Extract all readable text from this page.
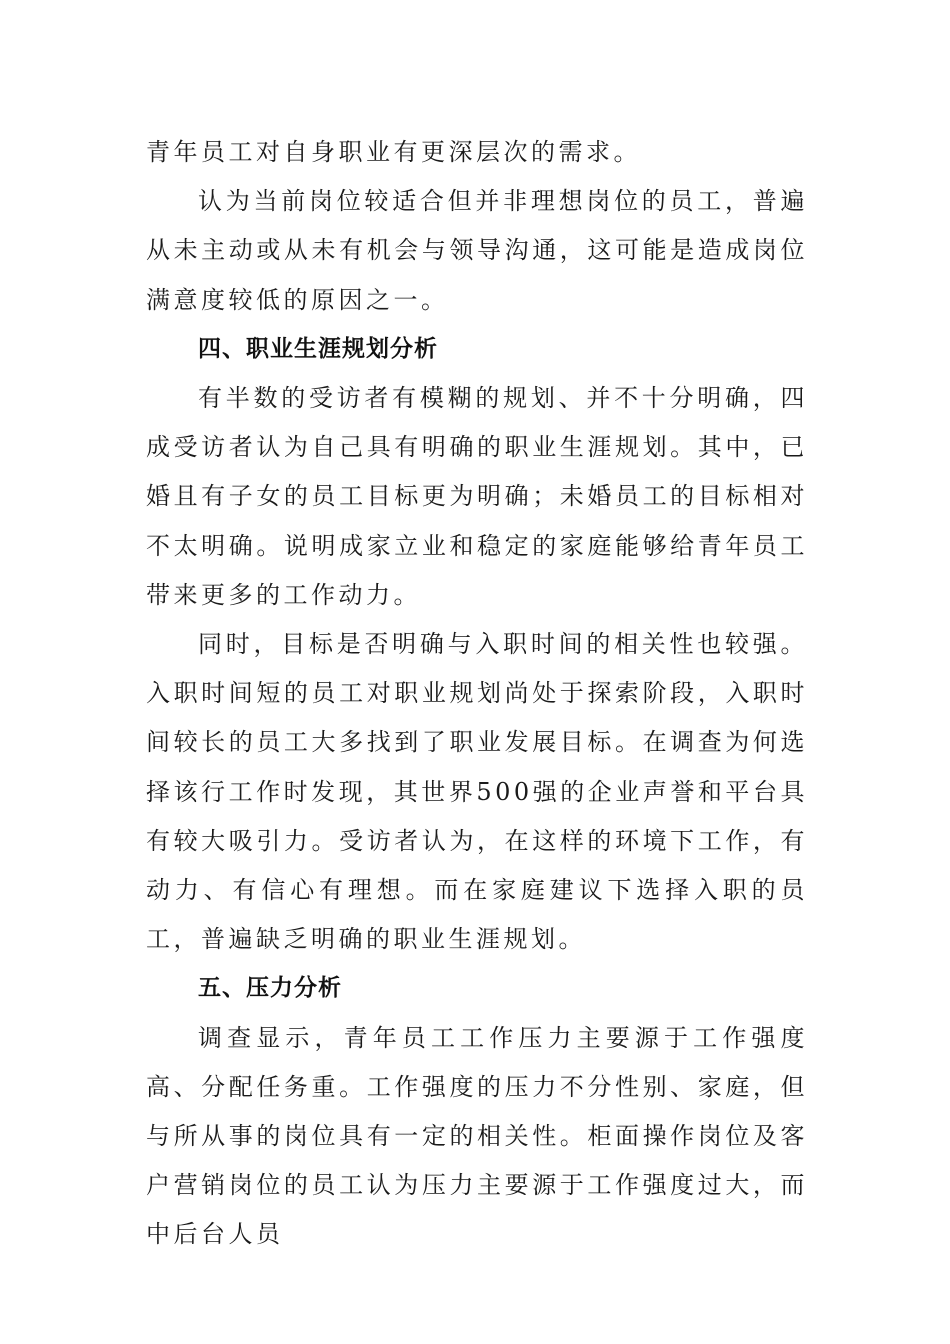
青年员工对自身职业有更深层次的需求。

认为当前岗位较适合但并非理想岗位的员工，普遍从未主动或从未有机会与领导沟通，这可能是造成岗位满意度较低的原因之一。

四、职业生涯规划分析

有半数的受访者有模糊的规划、并不十分明确，四成受访者认为自己具有明确的职业生涯规划。其中，已婚且有子女的员工目标更为明确；未婚员工的目标相对不太明确。说明成家立业和稳定的家庭能够给青年员工带来更多的工作动力。

同时，目标是否明确与入职时间的相关性也较强。入职时间短的员工对职业规划尚处于探索阶段，入职时间较长的员工大多找到了职业发展目标。在调查为何选择该行工作时发现，其世界500强的企业声誉和平台具有较大吸引力。受访者认为，在这样的环境下工作，有动力、有信心有理想。而在家庭建议下选择入职的员工，普遍缺乏明确的职业生涯规划。

五、压力分析

调查显示，青年员工工作压力主要源于工作强度高、分配任务重。工作强度的压力不分性别、家庭，但与所从事的岗位具有一定的相关性。柜面操作岗位及客户营销岗位的员工认为压力主要源于工作强度过大，而中后台人员
